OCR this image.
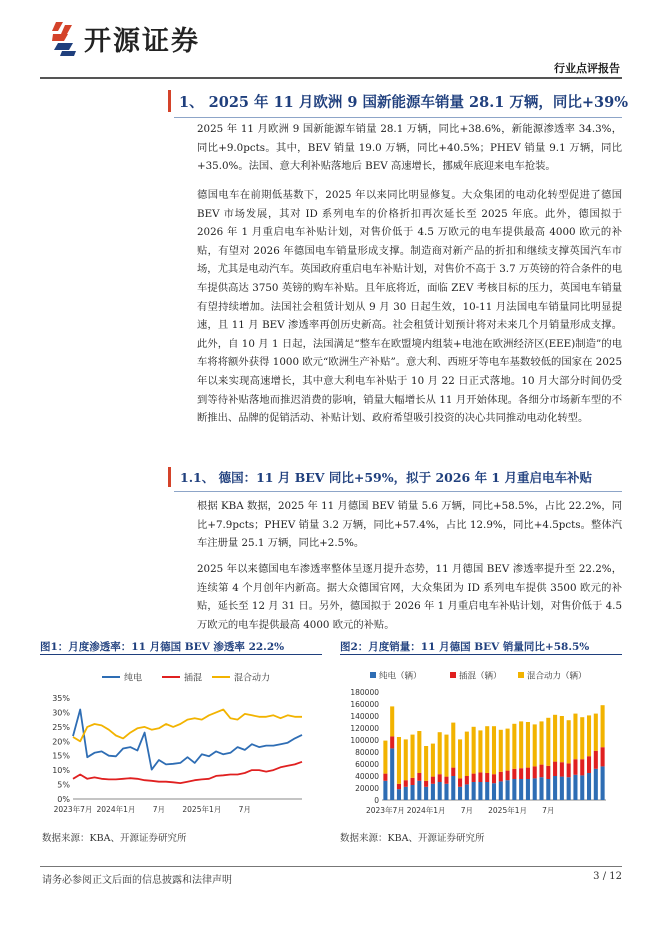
开源证券
行业点评报告
1、 2025 年 11 月欧洲 9 国新能源车销量 28.1 万辆，同比+39%

2025 年 11 月欧洲 9 国新能源车销量 28.1 万辆，同比+38.6%，新能源渗透率 34.3%，同比+9.0pcts。其中，BEV 销量 19.0 万辆，同比+40.5%；PHEV 销量 9.1 万辆，同比+35.0%。法国、意大利补贴落地后 BEV 高速增长，挪威年底迎来电车抢装。

德国电车在前期低基数下，2025 年以来同比明显修复。大众集团的电动化转型促进了德国 BEV 市场发展，其对 ID 系列电车的价格折扣再次延长至 2025 年底。此外，德国拟于 2026 年 1 月重启电车补贴计划，对售价低于 4.5 万欧元的电车提供最高 4000 欧元的补贴，有望对 2026 年德国电车销量形成支撑。制造商对新产品的折扣和继续支撑英国汽车市场，尤其是电动汽车。英国政府重启电车补贴计划，对售价不高于 3.7 万英镑的符合条件的电车提供高达 3750 英镑的购车补贴。且年底将近，面临 ZEV 考核目标的压力，英国电车销量有望持续增加。法国社会租赁计划从 9 月 30 日起生效，10-11 月法国电车销量同比明显提速，且 11 月 BEV 渗透率再创历史新高。社会租赁计划预计将对未来几个月销量形成支撑。此外，自 10 月 1 日起，法国满足“整车在欧盟境内组装+电池在欧洲经济区(EEE)制造”的电车将将额外获得 1000 欧元“欧洲生产补贴”。意大利、西班牙等电车基数较低的国家在 2025 年以来实现高速增长，其中意大利电车补贴于 10 月 22 日正式落地。10 月大部分时间仍受到等待补贴落地而推迟消费的影响，销量大幅增长从 11 月开始体现。各细分市场新车型的不断推出、品牌的促销活动、补贴计划、政府希望吸引投资的决心共同推动电动化转型。

1.1、 德国：11 月 BEV 同比+59%，拟于 2026 年 1 月重启电车补贴

根据 KBA 数据，2025 年 11 月德国 BEV 销量 5.6 万辆，同比+58.5%，占比 22.2%，同比+7.9pcts；PHEV 销量 3.2 万辆，同比+57.4%，占比 12.9%，同比+4.5pcts。整体汽车注册量 25.1 万辆，同比+2.5%。

2025 年以来德国电车渗透率整体呈逐月提升态势，11 月德国 BEV 渗透率提升至 22.2%，连续第 4 个月创年内新高。据大众德国官网，大众集团为 ID 系列电车提供 3500 欧元的补贴，延长至 12 月 31 日。另外，德国拟于 2026 年 1 月重启电车补贴计划，对售价低于 4.5 万欧元的电车提供最高 4000 欧元的补贴。

图1：月度渗透率：11 月德国 BEV 渗透率 22.2%
纯电	插混	混合动力
0%
5%
10%
15%
20%
25%
30%
35%
2023年7月 2024年1月 7月 2025年1月 7月
数据来源：KBA、开源证券研究所
图2：月度销量：11 月德国 BEV 销量同比+58.5%
纯电（辆）	插混（辆）	混合动力（辆）
0
20000
40000
60000
80000
100000
120000
140000
160000
180000
2023年7月 2024年1月 7月 2025年1月 7月
数据来源：KBA、开源证券研究所
请务必参阅正文后面的信息披露和法律声明	3 / 12
